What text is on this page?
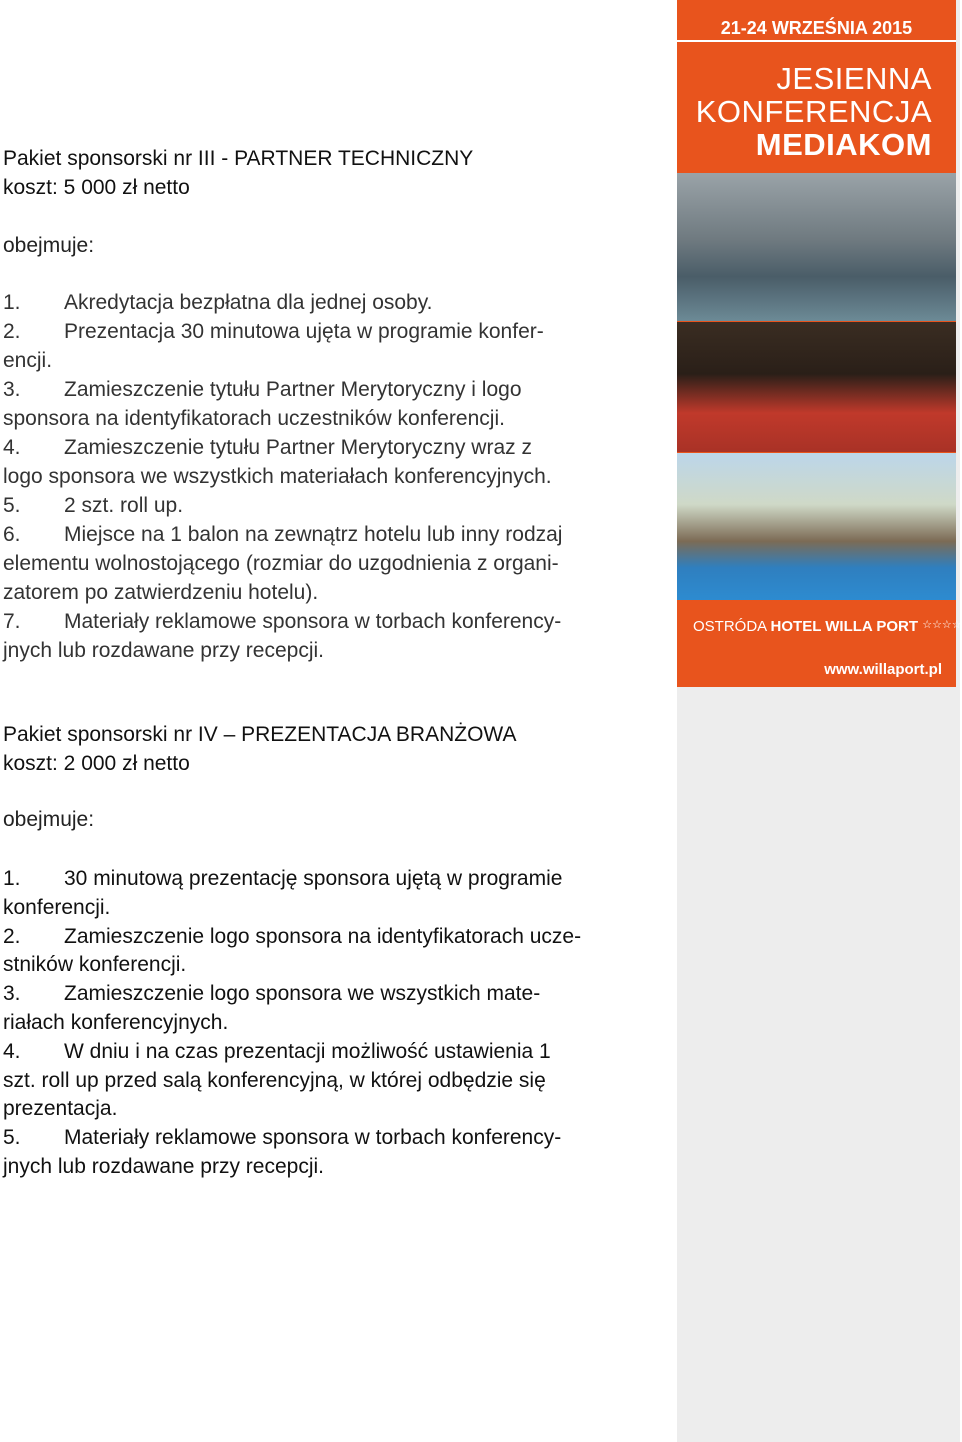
Pakiet sponsorski nr III - PARTNER TECHNICZNY
koszt: 5 000 zł netto
obejmuje:
1. Akredytacja bezpłatna dla jednej osoby.
2. Prezentacja 30 minutowa ujęta w programie konfer-
encji.
3. Zamieszczenie tytułu Partner Merytoryczny i logo
sponsora na identyfikatorach uczestników konferencji.
4. Zamieszczenie tytułu Partner Merytoryczny wraz z
logo sponsora we wszystkich materiałach konferencyjnych.
5. 2 szt. roll up.
6. Miejsce na 1 balon na zewnątrz hotelu lub inny rodzaj
elementu wolnostojącego (rozmiar do uzgodnienia z organi-
zatorem po zatwierdzeniu hotelu).
7. Materiały reklamowe sponsora w torbach konferency-
jnych lub rozdawane przy recepcji.
Pakiet sponsorski nr IV – PREZENTACJA BRANŻOWA
koszt: 2 000 zł netto
obejmuje:
1. 30 minutową prezentację sponsora ujętą w programie
konferencji.
2. Zamieszczenie logo sponsora na identyfikatorach ucze-
stników konferencji.
3. Zamieszczenie logo sponsora we wszystkich mate-
riałach konferencyjnych.
4. W dniu i na czas prezentacji możliwość ustawienia 1
szt. roll up przed salą konferencyjną, w której odbędzie się
prezentacja.
5. Materiały reklamowe sponsora w torbach konferency-
jnych lub rozdawane przy recepcji.
21-24 WRZEŚNIA 2015
JESIENNA
KONFERENCJA
MEDIAKOM
OSTRÓDA HOTEL WILLA PORT ☆☆☆☆
www.willaport.pl
